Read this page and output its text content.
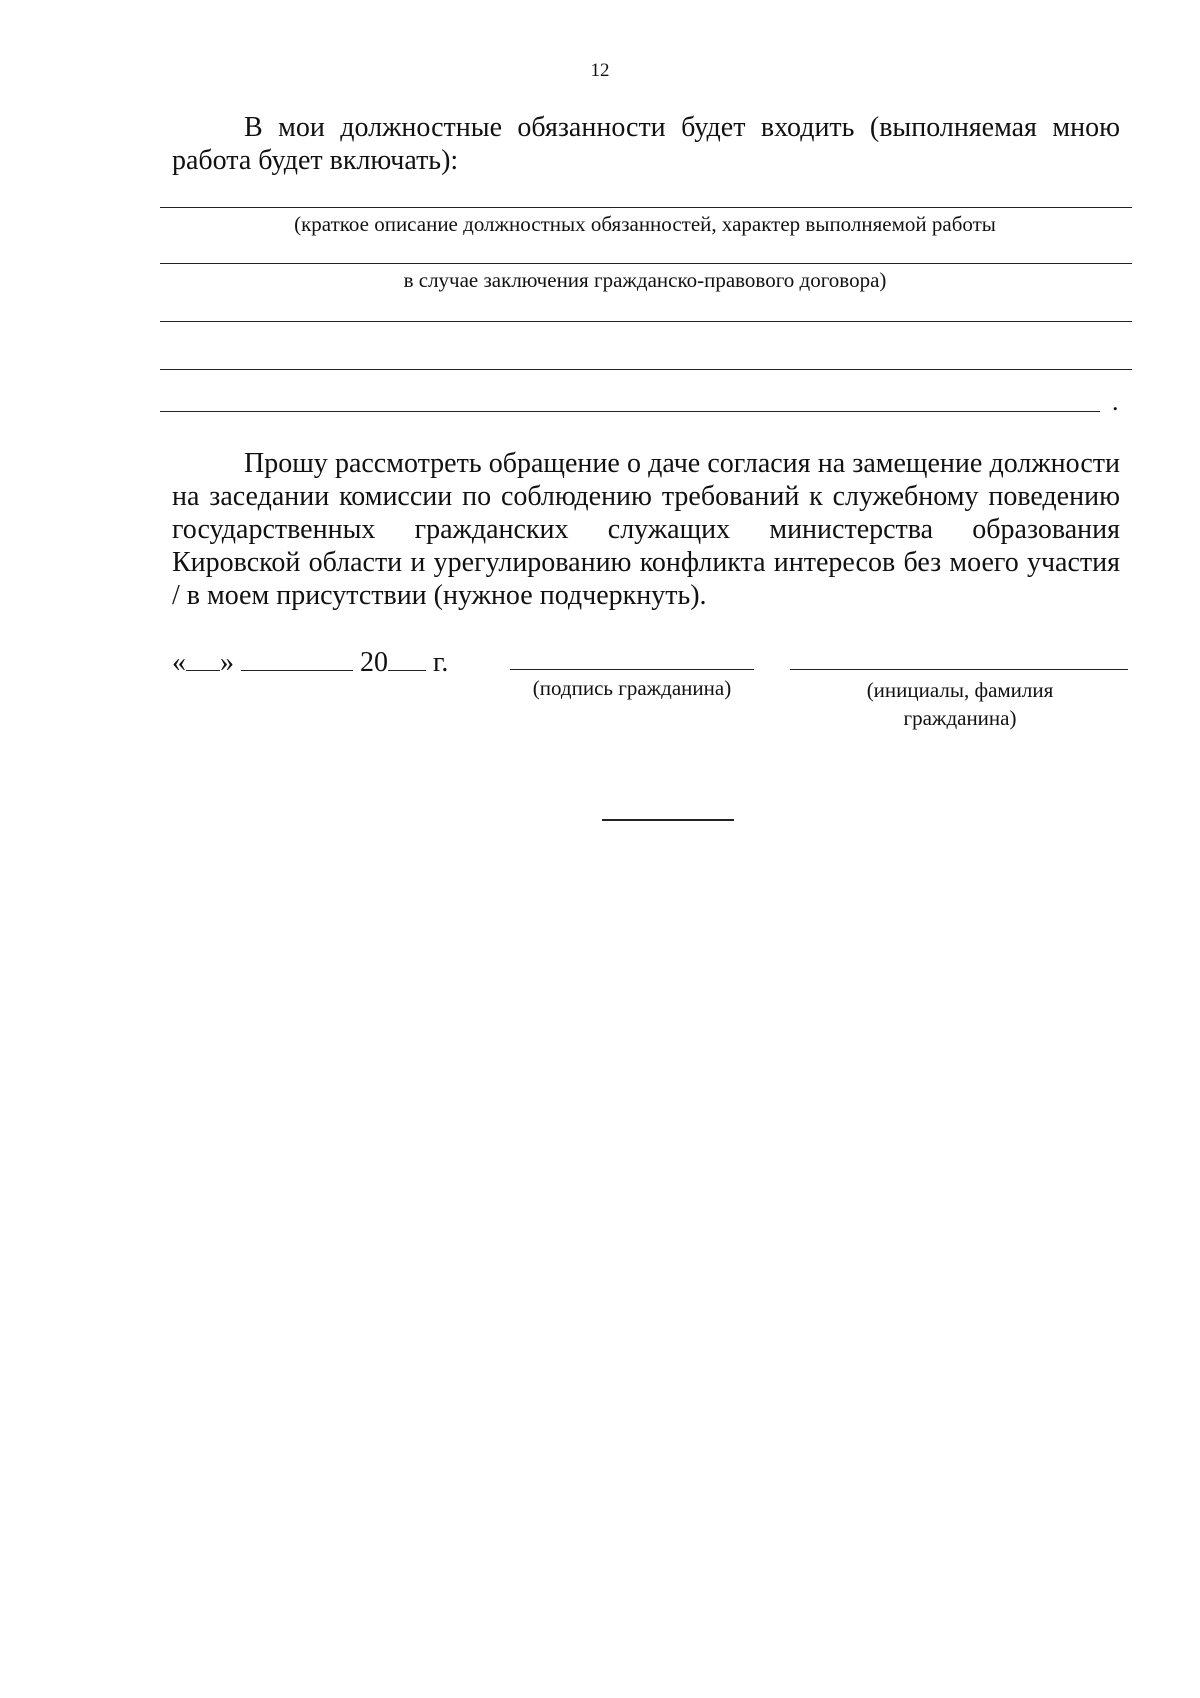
12
В мои должностные обязанности будет входить (выполняемая мною работа будет включать):
(краткое описание должностных обязанностей, характер выполняемой работы
в случае заключения гражданско-правового договора)
.
Прошу рассмотреть обращение о даче согласия на замещение должности на заседании комиссии по соблюдению требований к служебному поведению государственных гражданских служащих министерства образования Кировской области и урегулированию конфликта интересов без моего участия / в моем присутствии (нужное подчеркнуть).
« »	20 г.
(подпись гражданина)	(инициалы, фамилия
гражданина)
